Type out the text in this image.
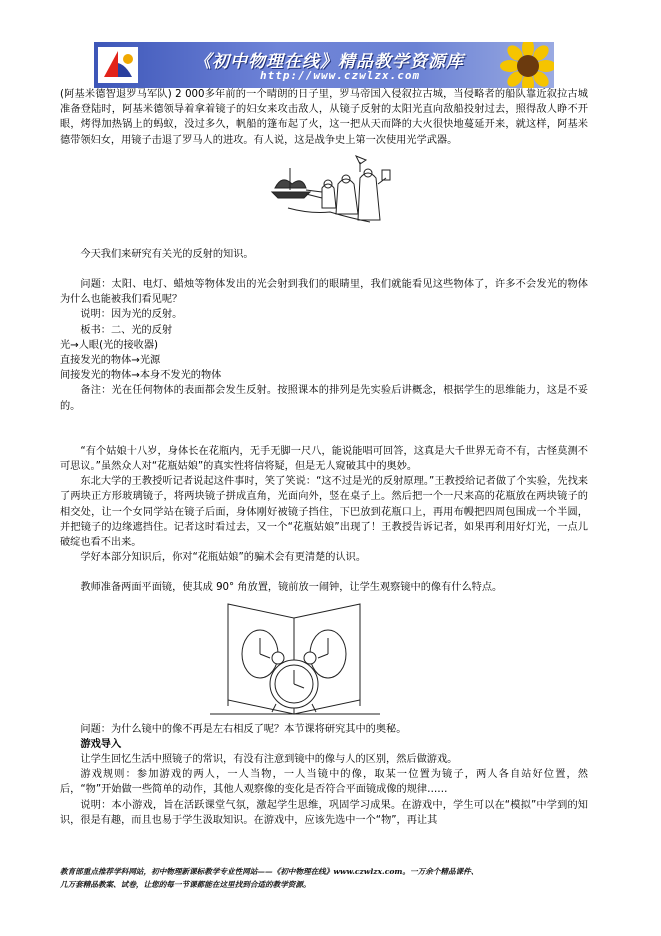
《初中物理在线》精品教学资源库
http://www.czwlzx.com

(阿基米德智退罗马军队) 2 000多年前的一个晴朗的日子里，罗马帝国入侵叙拉古城，当侵略者的船队靠近叙拉古城准备登陆时，阿基米德领导着拿着镜子的妇女来攻击敌人，从镜子反射的太阳光直向敌船投射过去，照得敌人睁不开眼，烤得加热锅上的蚂蚁，没过多久，帆船的篷布起了火，这一把从天而降的大火很快地蔓延开来，就这样，阿基米德带领妇女，用镜子击退了罗马人的进攻。有人说，这是战争史上第一次使用光学武器。

今天我们来研究有关光的反射的知识。

问题：太阳、电灯、蜡烛等物体发出的光会射到我们的眼睛里，我们就能看见这些物体了，许多不会发光的物体为什么也能被我们看见呢？

说明：因为光的反射。

板书：二、光的反射

光→人眼(光的接收器)

直接发光的物体→光源

间接发光的物体→本身不发光的物体

备注：光在任何物体的表面都会发生反射。按照课本的排列是先实验后讲概念，根据学生的思维能力，这是不妥的。

“有个姑娘十八岁，身体长在花瓶内，无手无脚一尺八，能说能唱可回答，这真是大千世界无奇不有，古怪莫测不可思议。”虽然众人对“花瓶姑娘”的真实性将信将疑，但是无人窥破其中的奥妙。

东北大学的王教授听记者说起这件事时，笑了笑说：“这不过是光的反射原理。”王教授给记者做了个实验，先找来了两块正方形玻璃镜子，将两块镜子拼成直角，光面向外，竖在桌子上。然后把一个一尺来高的花瓶放在两块镜子的相交处，让一个女同学站在镜子后面，身体刚好被镜子挡住，下巴放到花瓶口上，再用布幔把四周包围成一个半圆，并把镜子的边缘遮挡住。记者这时看过去，又一个“花瓶姑娘”出现了！王教授告诉记者，如果再利用好灯光，一点儿破绽也看不出来。

学好本部分知识后，你对“花瓶姑娘”的骗术会有更清楚的认识。

教师准备两面平面镜，使其成 90° 角放置，镜前放一闹钟，让学生观察镜中的像有什么特点。

问题：为什么镜中的像不再是左右相反了呢？本节课将研究其中的奥秘。

游戏导入

让学生回忆生活中照镜子的常识，有没有注意到镜中的像与人的区别，然后做游戏。

游戏规则：参加游戏的两人，一人当物，一人当镜中的像，取某一位置为镜子，两人各自站好位置，然后，“物”开始做一些简单的动作，其他人观察像的变化是否符合平面镜成像的规律……

说明：本小游戏，旨在活跃课堂气氛，激起学生思维，巩固学习成果。在游戏中，学生可以在“模拟”中学到的知识，很是有趣，而且也易于学生汲取知识。在游戏中，应该先选中一个“物”，再让其

教育部重点推荐学科网站，初中物理新课标教学专业性网站——《初中物理在线》www.czwlzx.com。一万余个精品课件、
几万套精品教案、试卷，让您的每一节课都能在这里找到合适的教学资源。
